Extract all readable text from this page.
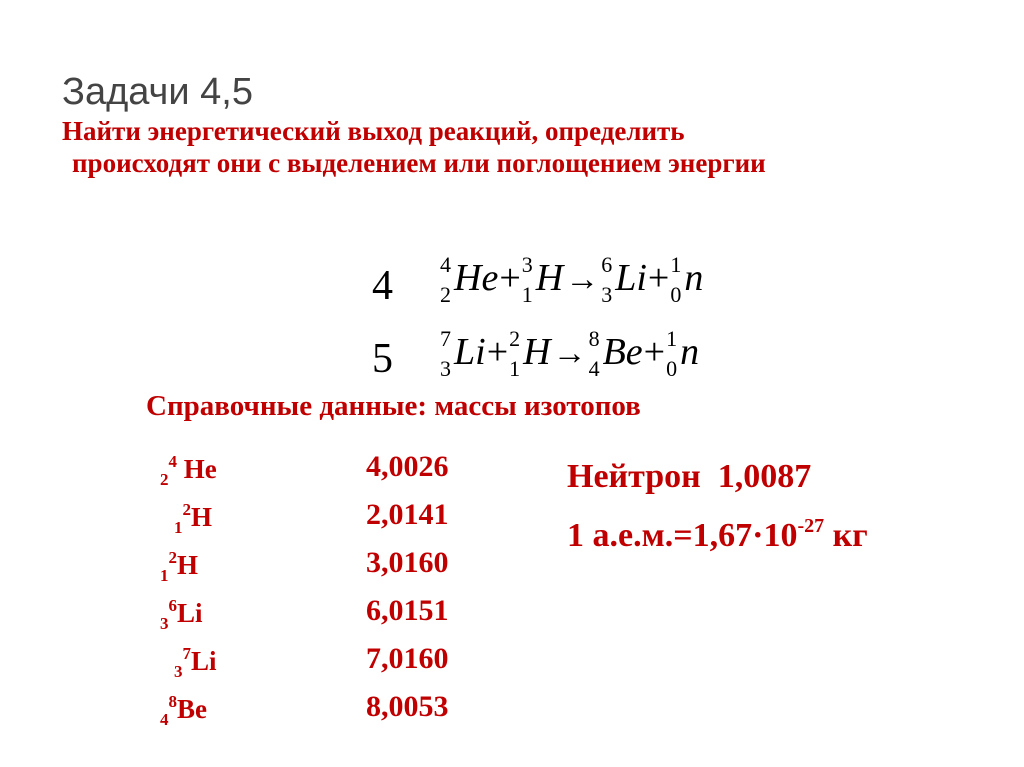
Задачи 4,5
Найти энергетический выход реакций, определить
происходят они с выделением или поглощением энергии
4 4
2 He+ 3
1 H→ 6
3 Li+ 1
0 n
5 7
3 Li+ 2
1 H→ 8
4 Be+ 1
0 n
Справочные данные: массы изотопов
$_2^4$ He	4,0026
$_1^2$H	2,0141
$_1^2$H	3,0160
$_3^6$Li	6,0151
$_3^7$Li	7,0160
$_4^8$Be	8,0053
Нейтрон 1,0087
1 $а.е.м.=1,67\cdot 10^{-27}$ кг
